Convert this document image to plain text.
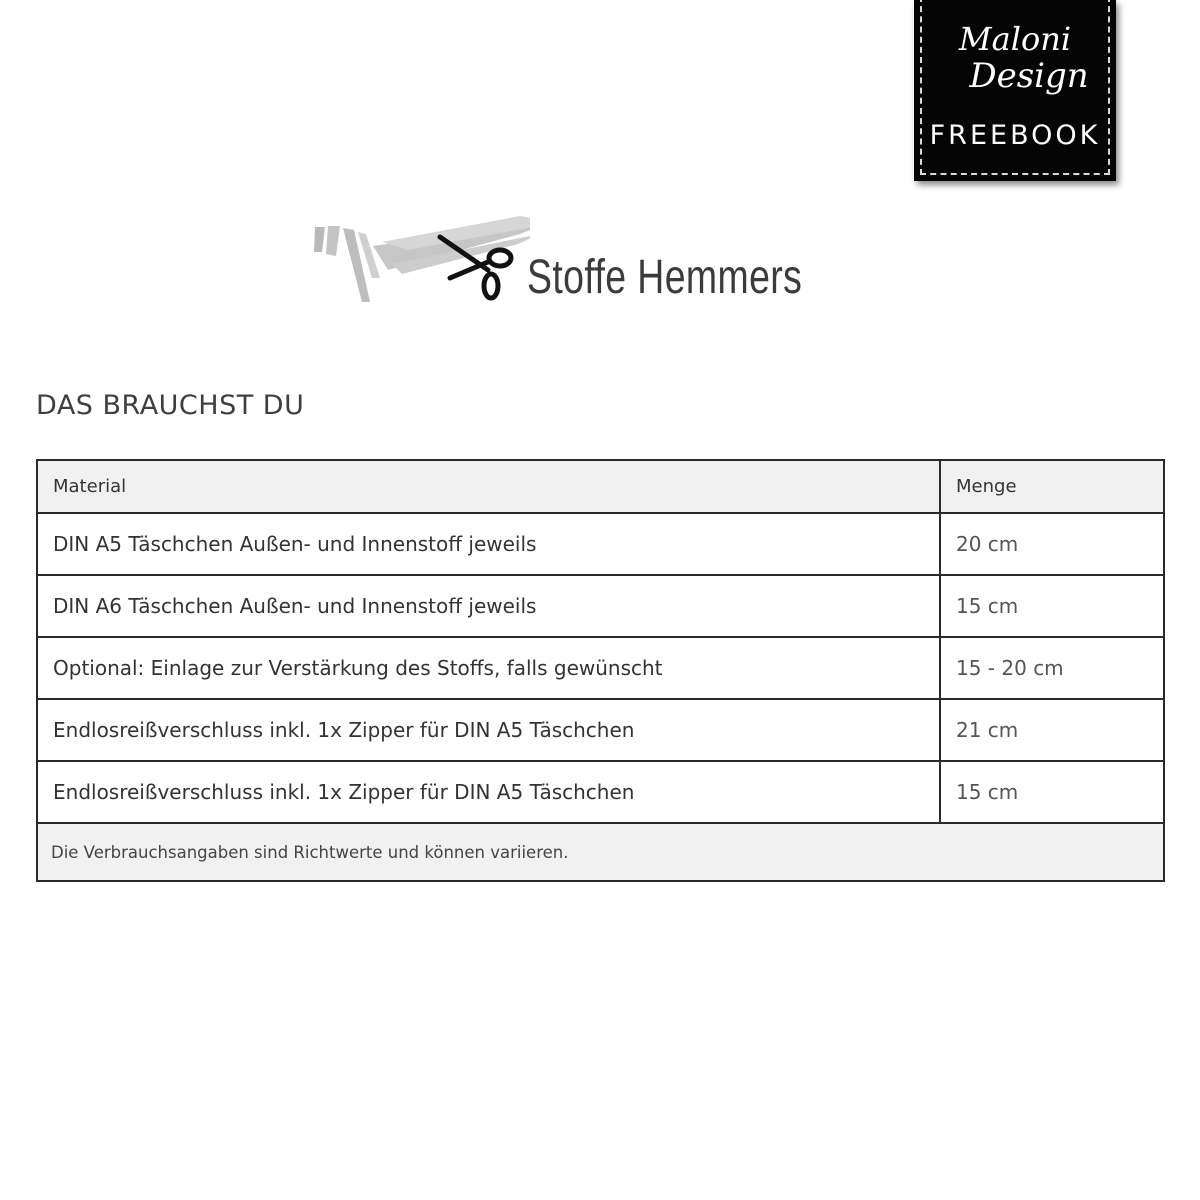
Maloni
Design
FREEBOOK
Stoffe Hemmers
DAS BRAUCHST DU
Material	Menge
DIN A5 Täschchen Außen- und Innenstoff jeweils	20 cm
DIN A6 Täschchen Außen- und Innenstoff jeweils	15 cm
Optional: Einlage zur Verstärkung des Stoffs, falls gewünscht	15 - 20 cm
Endlosreißverschluss inkl. 1x Zipper für DIN A5 Täschchen	21 cm
Endlosreißverschluss inkl. 1x Zipper für DIN A5 Täschchen	15 cm
Die Verbrauchsangaben sind Richtwerte und können variieren.	
